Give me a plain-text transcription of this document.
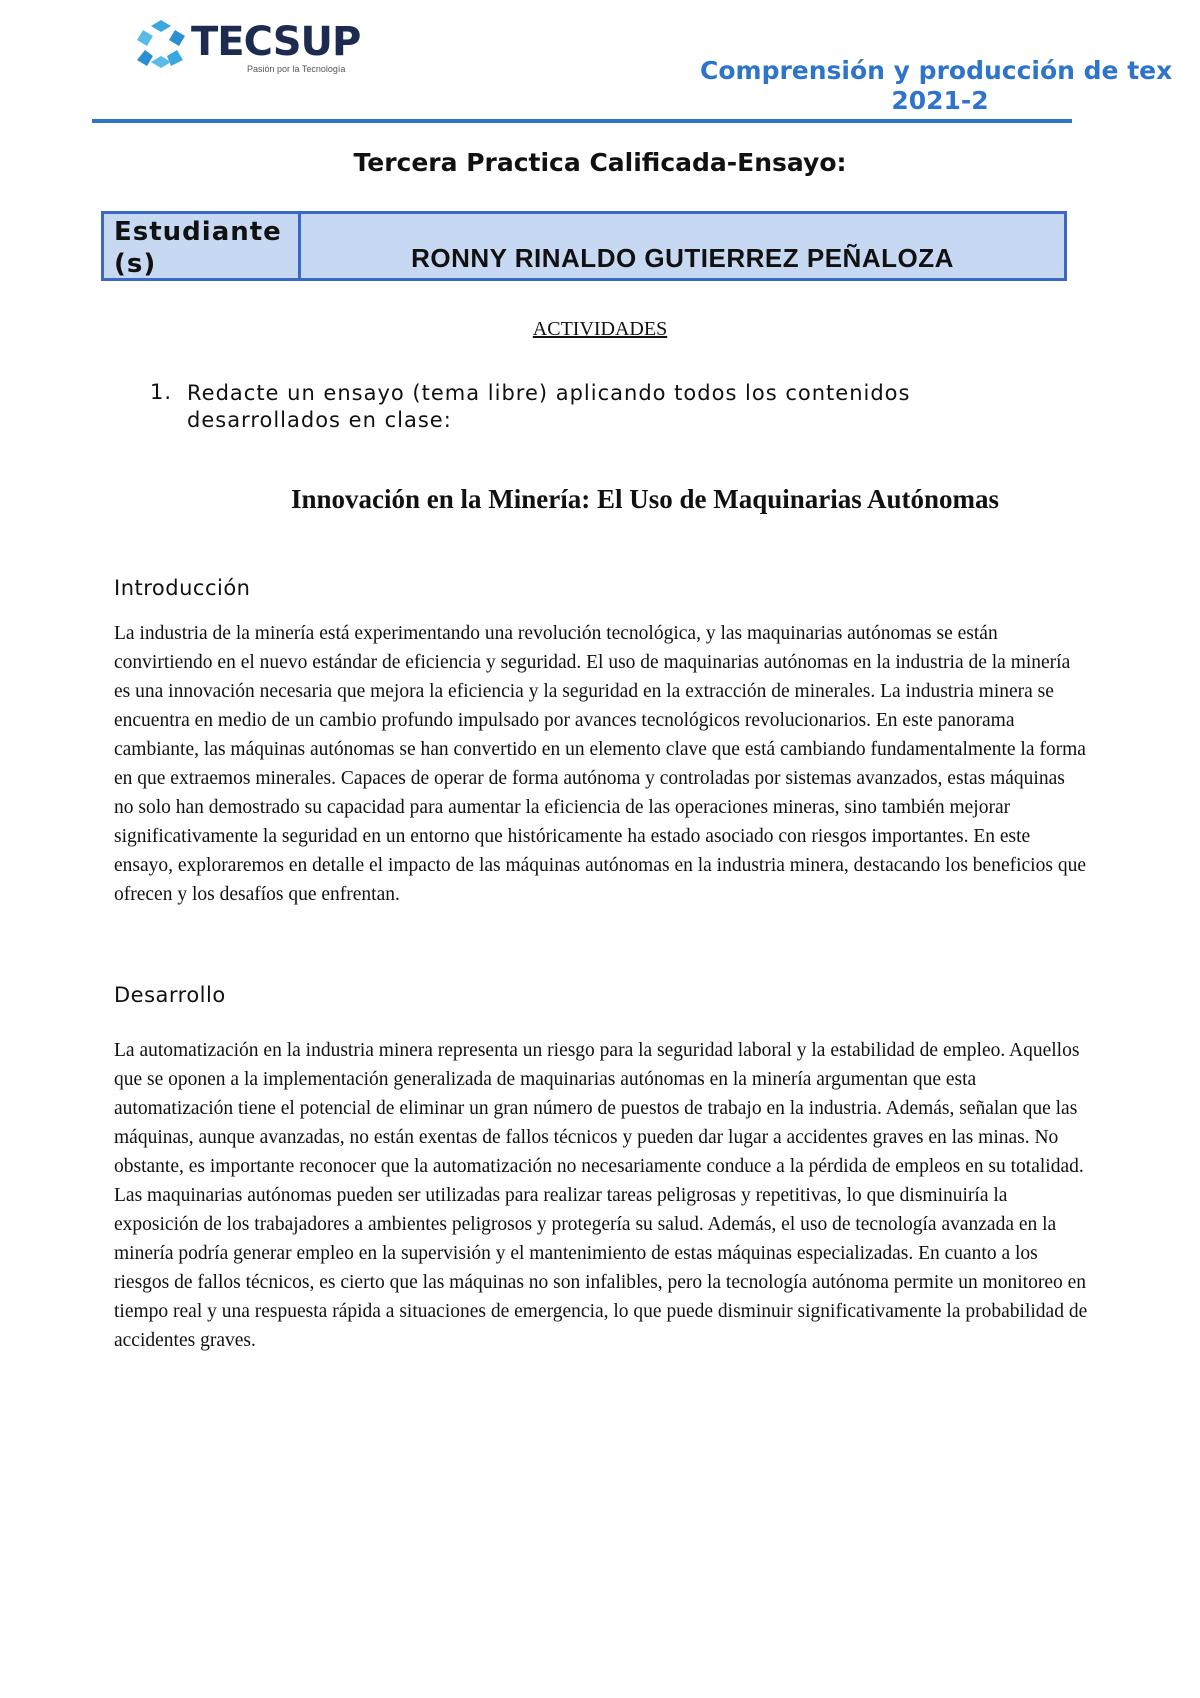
TECSUP
Pasión por la Tecnología	Comprensión y producción de tex
2021-2
Tercera Practica Calificada-Ensayo:
Estudiante (s)	RONNY RINALDO GUTIERREZ PEÑALOZA
ACTIVIDADES
1. Redacte un ensayo (tema libre) aplicando todos los contenidos desarrollados en clase:
Innovación en la Minería: El Uso de Maquinarias Autónomas
Introducción
La industria de la minería está experimentando una revolución tecnológica, y las maquinarias autónomas se están convirtiendo en el nuevo estándar de eficiencia y seguridad. El uso de maquinarias autónomas en la industria de la minería es una innovación necesaria que mejora la eficiencia y la seguridad en la extracción de minerales. La industria minera se encuentra en medio de un cambio profundo impulsado por avances tecnológicos revolucionarios. En este panorama cambiante, las máquinas autónomas se han convertido en un elemento clave que está cambiando fundamentalmente la forma en que extraemos minerales. Capaces de operar de forma autónoma y controladas por sistemas avanzados, estas máquinas no solo han demostrado su capacidad para aumentar la eficiencia de las operaciones mineras, sino también mejorar significativamente la seguridad en un entorno que históricamente ha estado asociado con riesgos importantes. En este ensayo, exploraremos en detalle el impacto de las máquinas autónomas en la industria minera, destacando los beneficios que ofrecen y los desafíos que enfrentan.
Desarrollo
La automatización en la industria minera representa un riesgo para la seguridad laboral y la estabilidad de empleo. Aquellos que se oponen a la implementación generalizada de maquinarias autónomas en la minería argumentan que esta automatización tiene el potencial de eliminar un gran número de puestos de trabajo en la industria. Además, señalan que las máquinas, aunque avanzadas, no están exentas de fallos técnicos y pueden dar lugar a accidentes graves en las minas. No obstante, es importante reconocer que la automatización no necesariamente conduce a la pérdida de empleos en su totalidad. Las maquinarias autónomas pueden ser utilizadas para realizar tareas peligrosas y repetitivas, lo que disminuiría la exposición de los trabajadores a ambientes peligrosos y protegería su salud. Además, el uso de tecnología avanzada en la minería podría generar empleo en la supervisión y el mantenimiento de estas máquinas especializadas. En cuanto a los riesgos de fallos técnicos, es cierto que las máquinas no son infalibles, pero la tecnología autónoma permite un monitoreo en tiempo real y una respuesta rápida a situaciones de emergencia, lo que puede disminuir significativamente la probabilidad de accidentes graves.
